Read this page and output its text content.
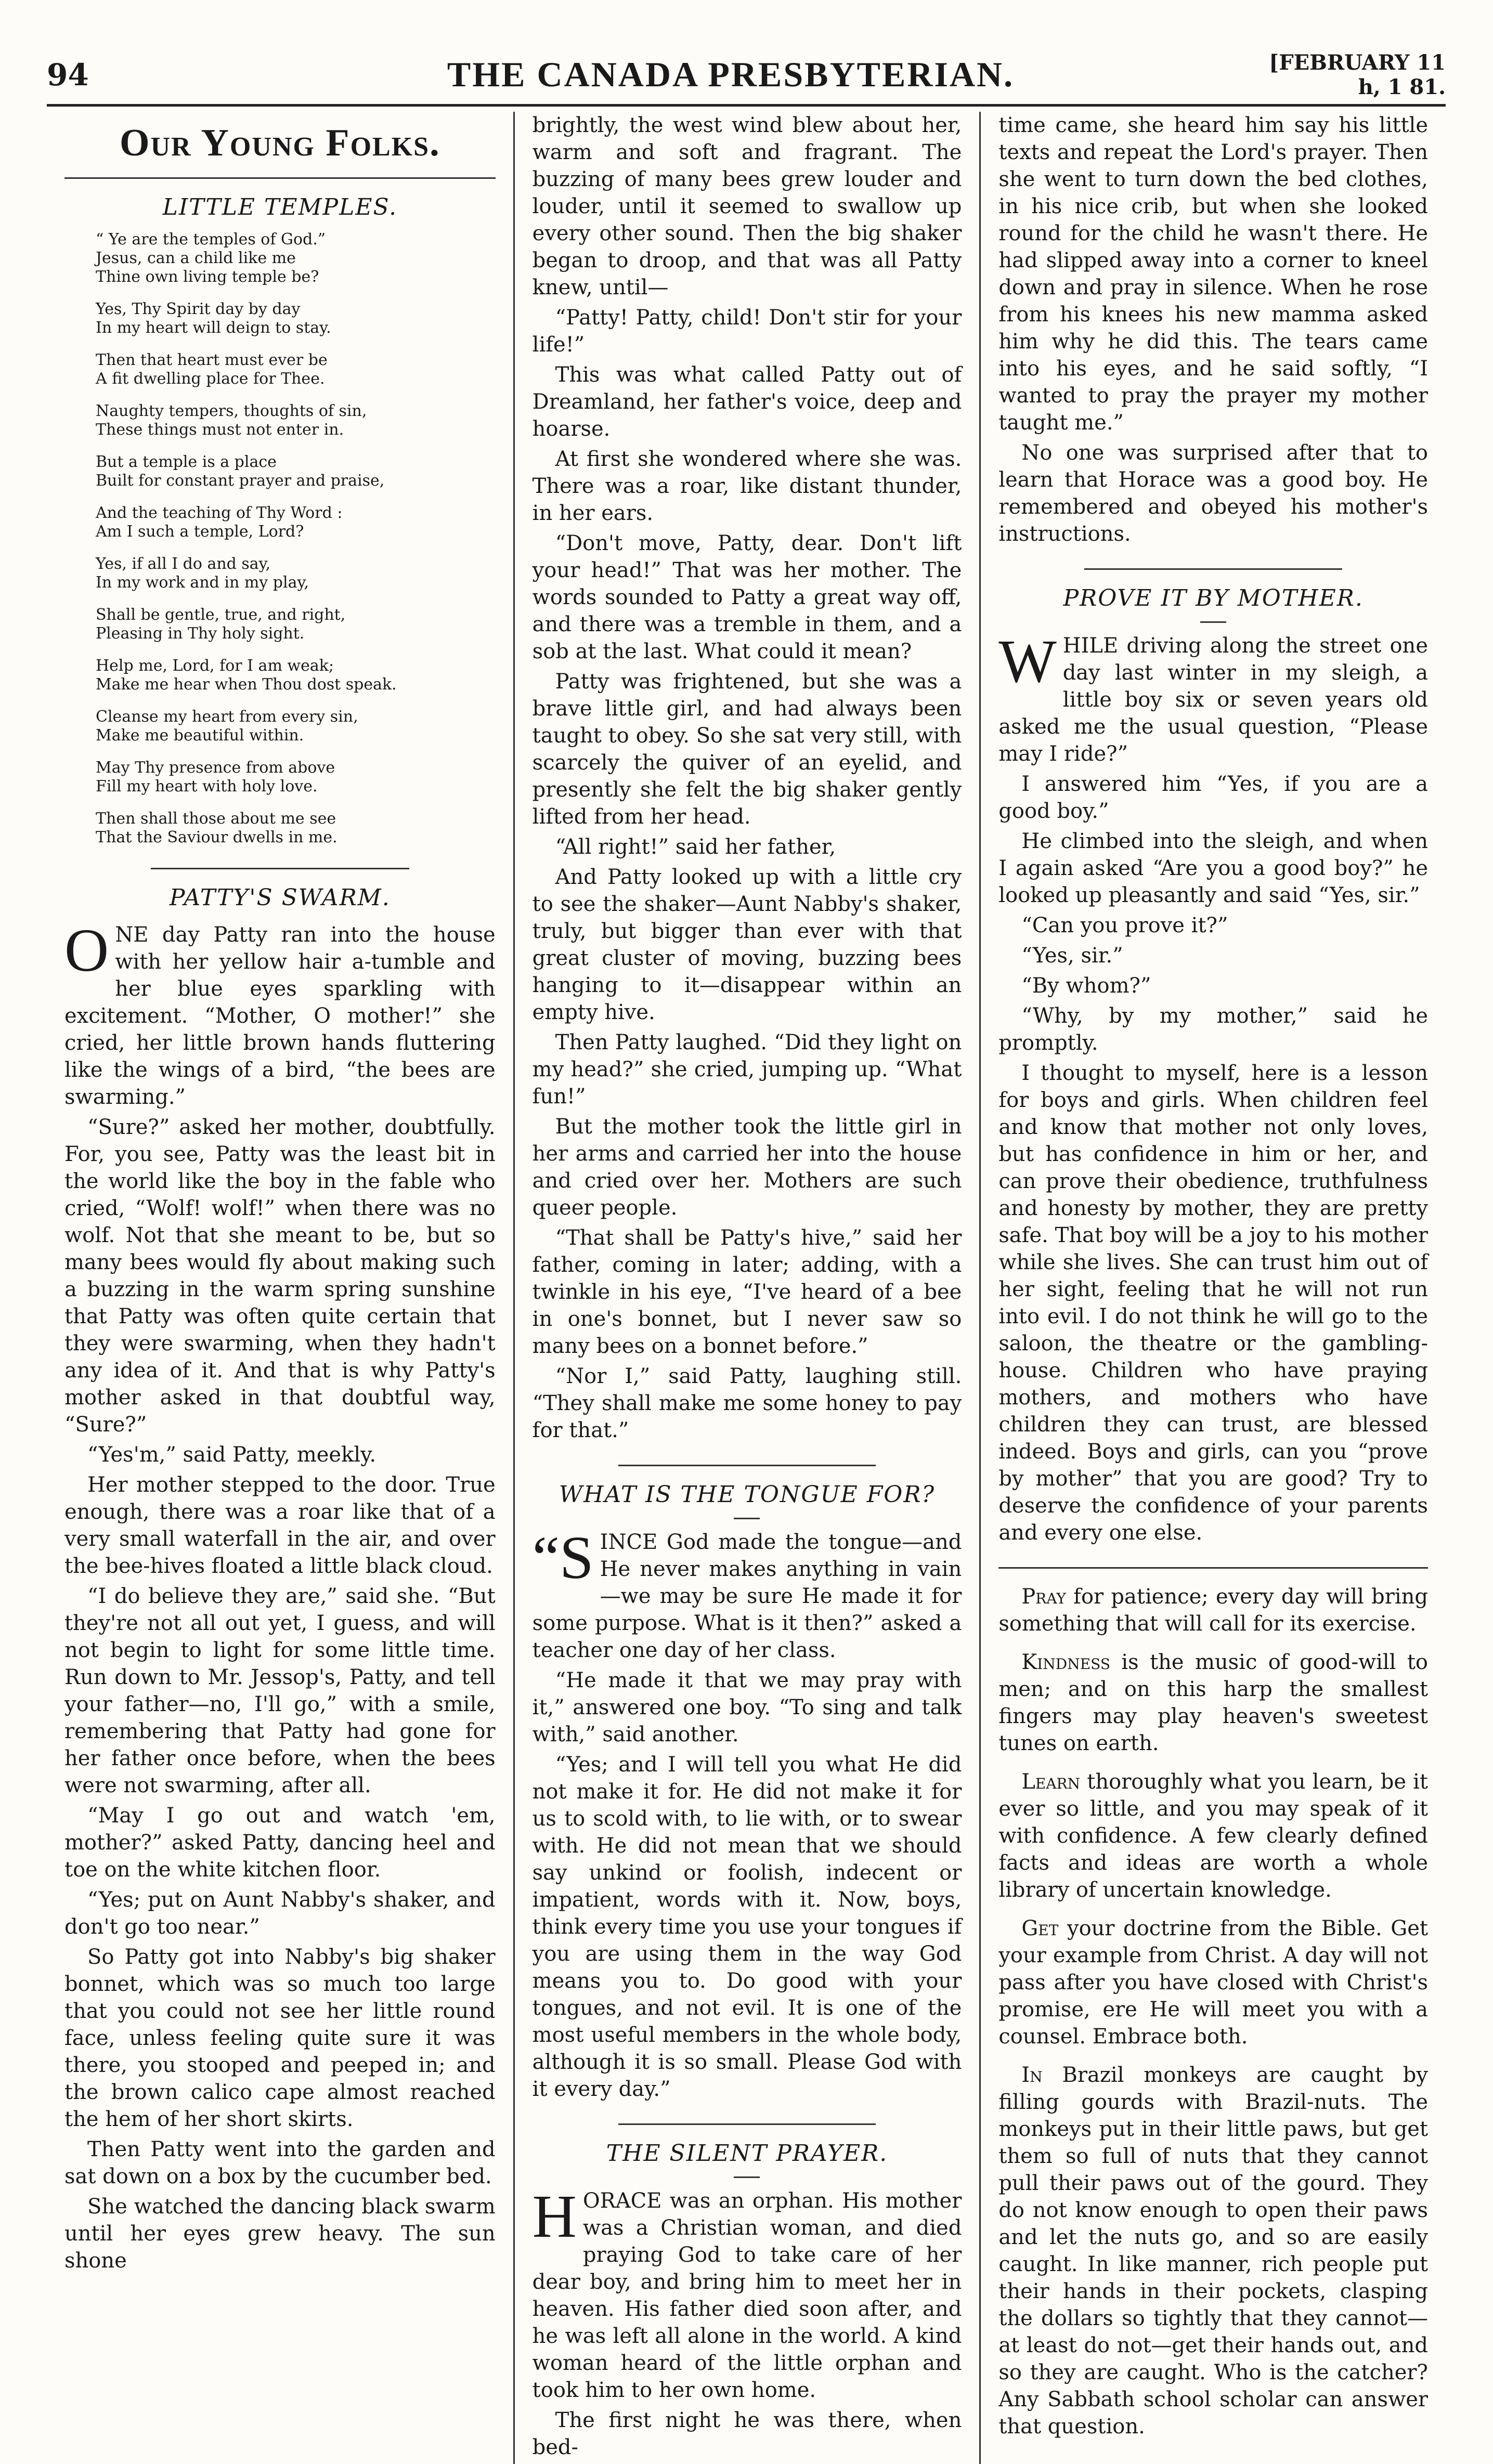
94	THE CANADA PRESBYTERIAN.	[FEBRUARY 11 h, 1 81.
Our Young Folks.
LITTLE TEMPLES.
“ Ye are the temples of God.”
Jesus, can a child like me
Thine own living temple be?
Yes, Thy Spirit day by day
In my heart will deign to stay.
Then that heart must ever be
A fit dwelling place for Thee.
Naughty tempers, thoughts of sin,
These things must not enter in.
But a temple is a place
Built for constant prayer and praise,
And the teaching of Thy Word :
Am I such a temple, Lord?
Yes, if all I do and say,
In my work and in my play,
Shall be gentle, true, and right,
Pleasing in Thy holy sight.
Help me, Lord, for I am weak;
Make me hear when Thou dost speak.
Cleanse my heart from every sin,
Make me beautiful within.
May Thy presence from above
Fill my heart with holy love.
Then shall those about me see
That the Saviour dwells in me.
PATTY'S SWARM.

ONE day Patty ran into the house with her yellow hair a-tumble and her blue eyes sparkling with excitement. “Mother, O mother!” she cried, her little brown hands fluttering like the wings of a bird, “the bees are swarming.”

“Sure?” asked her mother, doubtfully. For, you see, Patty was the least bit in the world like the boy in the fable who cried, “Wolf! wolf!” when there was no wolf. Not that she meant to be, but so many bees would fly about making such a buzzing in the warm spring sunshine that Patty was often quite certain that they were swarming, when they hadn't any idea of it. And that is why Patty's mother asked in that doubtful way, “Sure?”

“Yes'm,” said Patty, meekly.

Her mother stepped to the door. True enough, there was a roar like that of a very small waterfall in the air, and over the bee-hives floated a little black cloud.

“I do believe they are,” said she. “But they're not all out yet, I guess, and will not begin to light for some little time. Run down to Mr. Jessop's, Patty, and tell your father—no, I'll go,” with a smile, remembering that Patty had gone for her father once before, when the bees were not swarming, after all.

“May I go out and watch 'em, mother?” asked Patty, dancing heel and toe on the white kitchen floor.

“Yes; put on Aunt Nabby's shaker, and don't go too near.”

So Patty got into Nabby's big shaker bonnet, which was so much too large that you could not see her little round face, unless feeling quite sure it was there, you stooped and peeped in; and the brown calico cape almost reached the hem of her short skirts.

Then Patty went into the garden and sat down on a box by the cucumber bed.

She watched the dancing black swarm until her eyes grew heavy. The sun shone

brightly, the west wind blew about her, warm and soft and fragrant. The buzzing of many bees grew louder and louder, until it seemed to swallow up every other sound. Then the big shaker began to droop, and that was all Patty knew, until—

“Patty! Patty, child! Don't stir for your life!”

This was what called Patty out of Dreamland, her father's voice, deep and hoarse.

At first she wondered where she was. There was a roar, like distant thunder, in her ears.

“Don't move, Patty, dear. Don't lift your head!” That was her mother. The words sounded to Patty a great way off, and there was a tremble in them, and a sob at the last. What could it mean?

Patty was frightened, but she was a brave little girl, and had always been taught to obey. So she sat very still, with scarcely the quiver of an eyelid, and presently she felt the big shaker gently lifted from her head.

“All right!” said her father,

And Patty looked up with a little cry to see the shaker—Aunt Nabby's shaker, truly, but bigger than ever with that great cluster of moving, buzzing bees hanging to it—disappear within an empty hive.

Then Patty laughed. “Did they light on my head?” she cried, jumping up. “What fun!”

But the mother took the little girl in her arms and carried her into the house and cried over her. Mothers are such queer people.

“That shall be Patty's hive,” said her father, coming in later; adding, with a twinkle in his eye, “I've heard of a bee in one's bonnet, but I never saw so many bees on a bonnet before.”

“Nor I,” said Patty, laughing still. “They shall make me some honey to pay for that.”

WHAT IS THE TONGUE FOR?

“SINCE God made the tongue—and He never makes anything in vain—we may be sure He made it for some purpose. What is it then?” asked a teacher one day of her class.

“He made it that we may pray with it,” answered one boy. “To sing and talk with,” said another.

“Yes; and I will tell you what He did not make it for. He did not make it for us to scold with, to lie with, or to swear with. He did not mean that we should say unkind or foolish, indecent or impatient, words with it. Now, boys, think every time you use your tongues if you are using them in the way God means you to. Do good with your tongues, and not evil. It is one of the most useful members in the whole body, although it is so small. Please God with it every day.”

THE SILENT PRAYER.

HORACE was an orphan. His mother was a Christian woman, and died praying God to take care of her dear boy, and bring him to meet her in heaven. His father died soon after, and he was left all alone in the world. A kind woman heard of the little orphan and took him to her own home.

The first night he was there, when bed-

time came, she heard him say his little texts and repeat the Lord's prayer. Then she went to turn down the bed clothes, in his nice crib, but when she looked round for the child he wasn't there. He had slipped away into a corner to kneel down and pray in silence. When he rose from his knees his new mamma asked him why he did this. The tears came into his eyes, and he said softly, “I wanted to pray the prayer my mother taught me.”

No one was surprised after that to learn that Horace was a good boy. He remembered and obeyed his mother's instructions.

PROVE IT BY MOTHER.

WHILE driving along the street one day last winter in my sleigh, a little boy six or seven years old asked me the usual question, “Please may I ride?”

I answered him “Yes, if you are a good boy.”

He climbed into the sleigh, and when I again asked “Are you a good boy?” he looked up pleasantly and said “Yes, sir.”

“Can you prove it?”

“Yes, sir.”

“By whom?”

“Why, by my mother,” said he promptly.

I thought to myself, here is a lesson for boys and girls. When children feel and know that mother not only loves, but has confidence in him or her, and can prove their obedience, truthfulness and honesty by mother, they are pretty safe. That boy will be a joy to his mother while she lives. She can trust him out of her sight, feeling that he will not run into evil. I do not think he will go to the saloon, the theatre or the gambling-house. Children who have praying mothers, and mothers who have children they can trust, are blessed indeed. Boys and girls, can you “prove by mother” that you are good? Try to deserve the confidence of your parents and every one else.

Pray for patience; every day will bring something that will call for its exercise.

Kindness is the music of good-will to men; and on this harp the smallest fingers may play heaven's sweetest tunes on earth.

Learn thoroughly what you learn, be it ever so little, and you may speak of it with confidence. A few clearly defined facts and ideas are worth a whole library of uncertain knowledge.

Get your doctrine from the Bible. Get your example from Christ. A day will not pass after you have closed with Christ's promise, ere He will meet you with a counsel. Embrace both.

In Brazil monkeys are caught by filling gourds with Brazil-nuts. The monkeys put in their little paws, but get them so full of nuts that they cannot pull their paws out of the gourd. They do not know enough to open their paws and let the nuts go, and so are easily caught. In like manner, rich people put their hands in their pockets, clasping the dollars so tightly that they cannot—at least do not—get their hands out, and so they are caught. Who is the catcher? Any Sabbath school scholar can answer that question.
